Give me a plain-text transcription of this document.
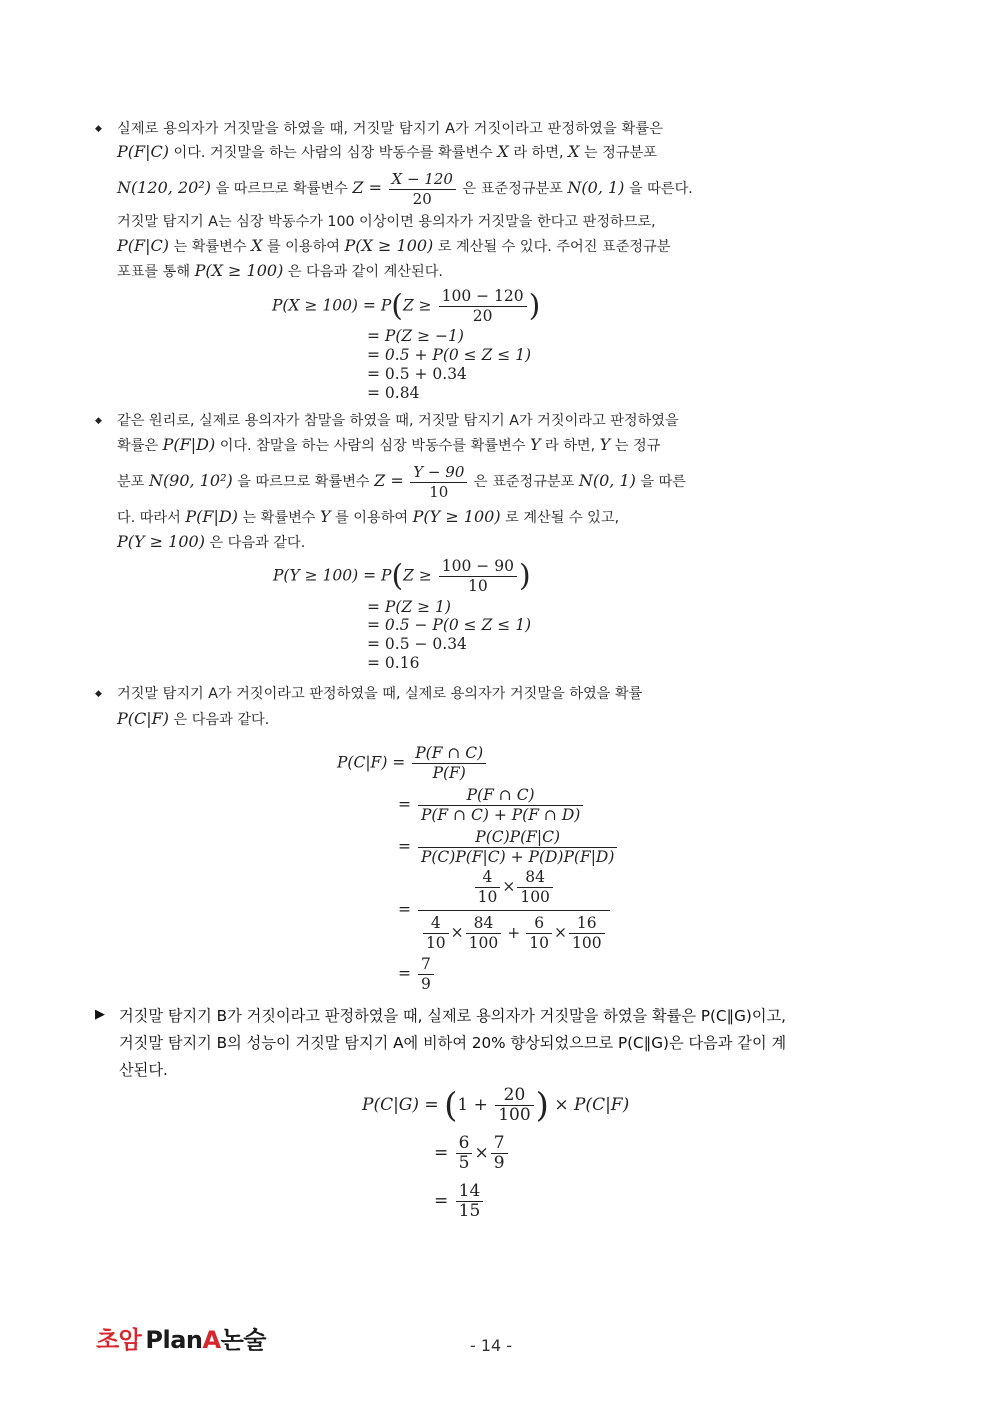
◆ 실제로 용의자가 거짓말을 하였을 때, 거짓말 탐지기 A가 거짓이라고 판정하였을 확률은
P(F|C) 이다. 거짓말을 하는 사람의 심장 박동수를 확률변수 X 라 하면, X 는 정규분포
N(120, 20²) 을 따르므로 확률변수 $Z = \frac{X - 120}{20}$ 은 표준정규분포 N(0, 1) 을 따른다.
거짓말 탐지기 A는 심장 박동수가 100 이상이면 용의자가 거짓말을 한다고 판정하므로,
P(F|C) 는 확률변수 X 를 이용하여 P(X ≥ 100) 로 계산될 수 있다. 주어진 표준정규분
포표를 통해 P(X ≥ 100) 은 다음과 같이 계산된다.
$P(X \ge 100) = P(Z \ge \frac{100 - 120}{20}$ )
= P(Z ≥ −1)
= 0.5 + P(0 ≤ Z ≤ 1)
= 0.5 + 0.34
= 0.84
◆ 같은 원리로, 실제로 용의자가 참말을 하였을 때, 거짓말 탐지기 A가 거짓이라고 판정하였을
확률은 P(F|D) 이다. 참말을 하는 사람의 심장 박동수를 확률변수 Y 라 하면, Y 는 정규
분포 N(90, 10²) 을 따르므로 확률변수 $Z = \frac{Y - 90}{10}$ 은 표준정규분포 N(0, 1) 을 따른
다. 따라서 P(F|D) 는 확률변수 Y 를 이용하여 P(Y ≥ 100) 로 계산될 수 있고,
P(Y ≥ 100) 은 다음과 같다.
$P(Y \ge 100) = P(Z \ge \frac{100 - 90}{10}$ )
= P(Z ≥ 1)
= 0.5 − P(0 ≤ Z ≤ 1)
= 0.5 − 0.34
= 0.16
◆ 거짓말 탐지기 A가 거짓이라고 판정하였을 때, 실제로 용의자가 거짓말을 하였을 확률
P(C|F) 은 다음과 같다.
$P(C|F) = \frac{P(F \cap C)}{P(F)}$
= $\frac{P(F \cap C)}{P(F \cap C) + P(F \cap D)}$
= $\frac{P(C)P(F|C)}{P(C)P(F|C) + P(D)P(F|D)}$
= $\frac{\frac{4}{10} \times \frac{84}{100}}{\frac{4}{10} \times \frac{84}{100} + \frac{6}{10} \times \frac{16}{100}}$
= $\frac{7}{9}$
▶ 거짓말 탐지기 B가 거짓이라고 판정하였을 때, 실제로 용의자가 거짓말을 하였을 확률은 P(C∥G)이고,
거짓말 탐지기 B의 성능이 거짓말 탐지기 A에 비하여 20% 향상되었으므로 P(C∥G)은 다음과 같이 계
산된다.
$P(C|G) = (1 + \frac{20}{100}$ ) × P(C|F)
= $\frac{6}{5} \times \frac{7}{9}$
= $\frac{14}{15}$
초암 PlanA논술	- 14 -
